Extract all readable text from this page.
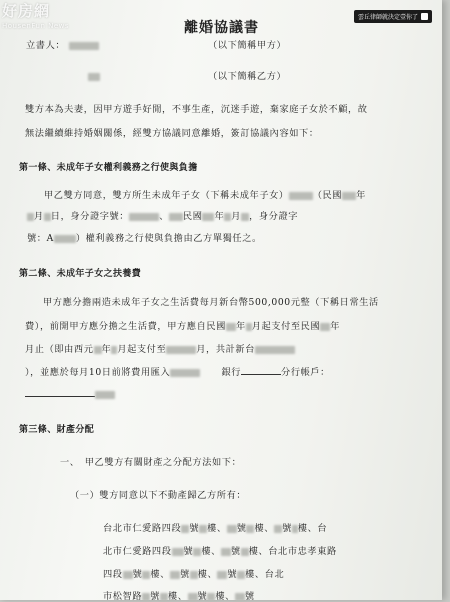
好房網
HousenFun News
雲丘律師就決定壹你了
離婚協議書
立書人：	（以下簡稱甲方）
（以下簡稱乙方）
雙方本為夫妻，因甲方遊手好閒，不事生產，沉迷手遊，棄家庭子女於不顧，故
無法繼續維持婚姻關係，經雙方協議同意離婚，簽訂協議內容如下：
第一條、未成年子女權利義務之行使與負擔
甲乙雙方同意，雙方所生未成年子女（下稱未成年子女）	（民國 年
月 日，身分證字號：	、 民國 年 月 ，身分證字
號：A ）權利義務之行使與負擔由乙方單獨任之。
第二條、未成年子女之扶養費
甲方應分擔兩造未成年子女之生活費每月新台幣500,000元整（下稱日常生活
費），前開甲方應分擔之生活費，甲方應自民國 年 月起支付至民國 年
月止（即由西元 年 月起支付至	月，共計新台
），並應於每月10日前將費用匯入	銀行	分行帳戶：
第三條、財產分配
一、　甲乙雙方有關財產之分配方法如下：
（一）雙方同意以下不動產歸乙方所有：
台北市仁愛路四段 號 樓、 號 樓、 號 樓、台
北市仁愛路四段 號 樓、 號 樓、台北市忠孝東路
四段 號 樓、 號 樓、 號 樓、台北
市松智路 號 樓、 號 樓、 號
